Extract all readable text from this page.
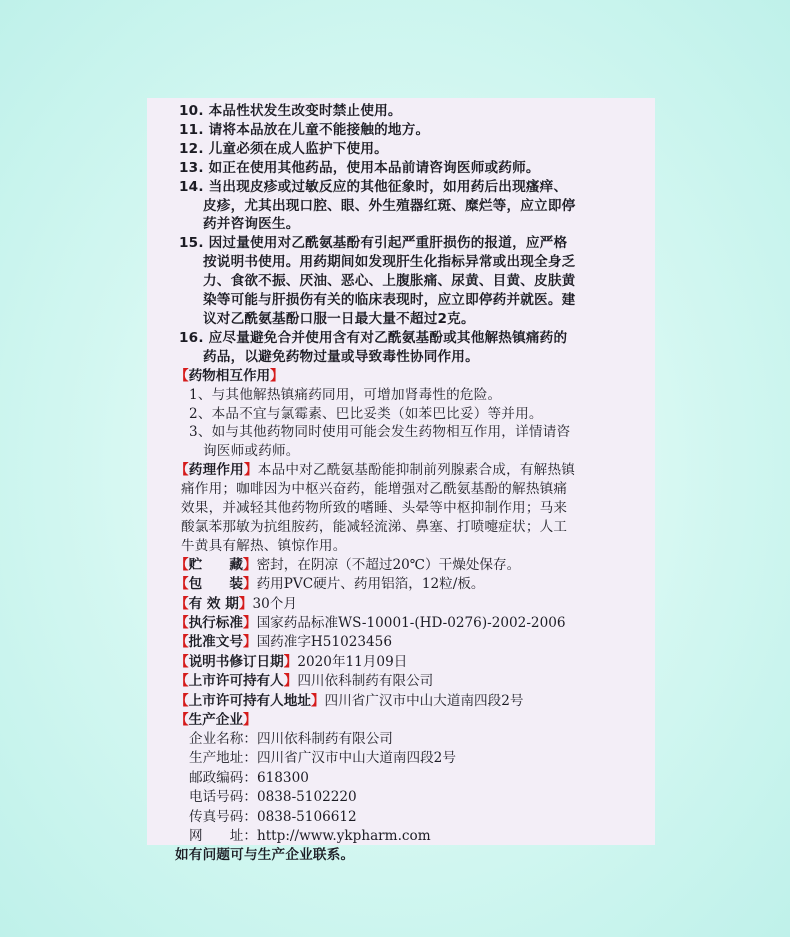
10. 本品性状发生改变时禁止使用。
11. 请将本品放在儿童不能接触的地方。
12. 儿童必须在成人监护下使用。
13. 如正在使用其他药品，使用本品前请咨询医师或药师。
14. 当出现皮疹或过敏反应的其他征象时，如用药后出现瘙痒、
皮疹，尤其出现口腔、眼、外生殖器红斑、糜烂等，应立即停
药并咨询医生。
15. 因过量使用对乙酰氨基酚有引起严重肝损伤的报道，应严格
按说明书使用。用药期间如发现肝生化指标异常或出现全身乏
力、食欲不振、厌油、恶心、上腹胀痛、尿黄、目黄、皮肤黄
染等可能与肝损伤有关的临床表现时，应立即停药并就医。建
议对乙酰氨基酚口服一日最大量不超过2克。
16. 应尽量避免合并使用含有对乙酰氨基酚或其他解热镇痛药的
药品，以避免药物过量或导致毒性协同作用。
【药物相互作用】
1、与其他解热镇痛药同用，可增加肾毒性的危险。
2、本品不宜与氯霉素、巴比妥类（如苯巴比妥）等并用。
3、如与其他药物同时使用可能会发生药物相互作用，详情请咨
询医师或药师。
【药理作用】本品中对乙酰氨基酚能抑制前列腺素合成，有解热镇
痛作用；咖啡因为中枢兴奋药，能增强对乙酰氨基酚的解热镇痛
效果，并减轻其他药物所致的嗜睡、头晕等中枢抑制作用；马来
酸氯苯那敏为抗组胺药，能减轻流涕、鼻塞、打喷嚏症状；人工
牛黄具有解热、镇惊作用。
【贮　　藏】密封，在阴凉（不超过20℃）干燥处保存。
【包　　装】药用PVC硬片、药用铝箔，12粒/板。
【有 效 期】30个月
【执行标准】国家药品标准WS-10001-(HD-0276)-2002-2006
【批准文号】国药准字H51023456
【说明书修订日期】2020年11月09日
【上市许可持有人】四川依科制药有限公司
【上市许可持有人地址】四川省广汉市中山大道南四段2号
【生产企业】
企业名称：四川依科制药有限公司
生产地址：四川省广汉市中山大道南四段2号
邮政编码：618300
电话号码：0838-5102220
传真号码：0838-5106612
网　　址：http://www.ykpharm.com
如有问题可与生产企业联系。
